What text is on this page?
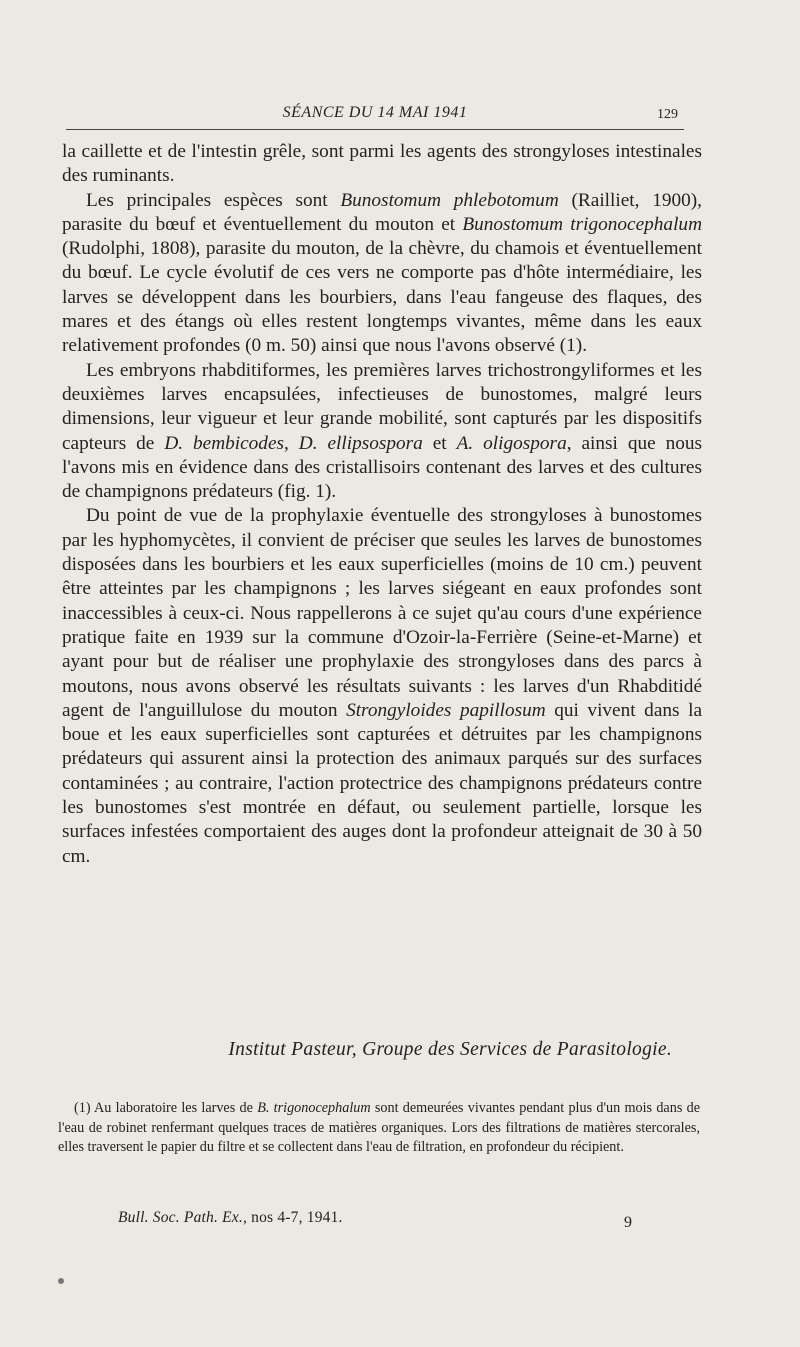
SÉANCE DU 14 MAI 1941	129

la caillette et de l'intestin grêle, sont parmi les agents des strongyloses intestinales des ruminants.

Les principales espèces sont Bunostomum phlebotomum (Railliet, 1900), parasite du bœuf et éventuellement du mouton et Bunostomum trigonocephalum (Rudolphi, 1808), parasite du mouton, de la chèvre, du chamois et éventuellement du bœuf. Le cycle évolutif de ces vers ne comporte pas d'hôte intermédiaire, les larves se développent dans les bourbiers, dans l'eau fangeuse des flaques, des mares et des étangs où elles restent longtemps vivantes, même dans les eaux relativement profondes (0 m. 50) ainsi que nous l'avons observé (1).

Les embryons rhabditiformes, les premières larves trichostrongyliformes et les deuxièmes larves encapsulées, infectieuses de bunostomes, malgré leurs dimensions, leur vigueur et leur grande mobilité, sont capturés par les dispositifs capteurs de D. bembicodes, D. ellipsospora et A. oligospora, ainsi que nous l'avons mis en évidence dans des cristallisoirs contenant des larves et des cultures de champignons prédateurs (fig. 1).

Du point de vue de la prophylaxie éventuelle des strongyloses à bunostomes par les hyphomycètes, il convient de préciser que seules les larves de bunostomes disposées dans les bourbiers et les eaux superficielles (moins de 10 cm.) peuvent être atteintes par les champignons ; les larves siégeant en eaux profondes sont inaccessibles à ceux-ci. Nous rappellerons à ce sujet qu'au cours d'une expérience pratique faite en 1939 sur la commune d'Ozoir-la-Ferrière (Seine-et-Marne) et ayant pour but de réaliser une prophylaxie des strongyloses dans des parcs à moutons, nous avons observé les résultats suivants : les larves d'un Rhabditidé agent de l'anguillulose du mouton Strongyloides papillosum qui vivent dans la boue et les eaux superficielles sont capturées et détruites par les champignons prédateurs qui assurent ainsi la protection des animaux parqués sur des surfaces contaminées ; au contraire, l'action protectrice des champignons prédateurs contre les bunostomes s'est montrée en défaut, ou seulement partielle, lorsque les surfaces infestées comportaient des auges dont la profondeur atteignait de 30 à 50 cm.

Institut Pasteur, Groupe des Services de Parasitologie.
(1) Au laboratoire les larves de B. trigonocephalum sont demeurées vivantes pendant plus d'un mois dans de l'eau de robinet renfermant quelques traces de matières organiques. Lors des filtrations de matières stercorales, elles traversent le papier du filtre et se collectent dans l'eau de filtration, en profondeur du récipient.
Bull. Soc. Path. Ex., nos 4-7, 1941.	9
